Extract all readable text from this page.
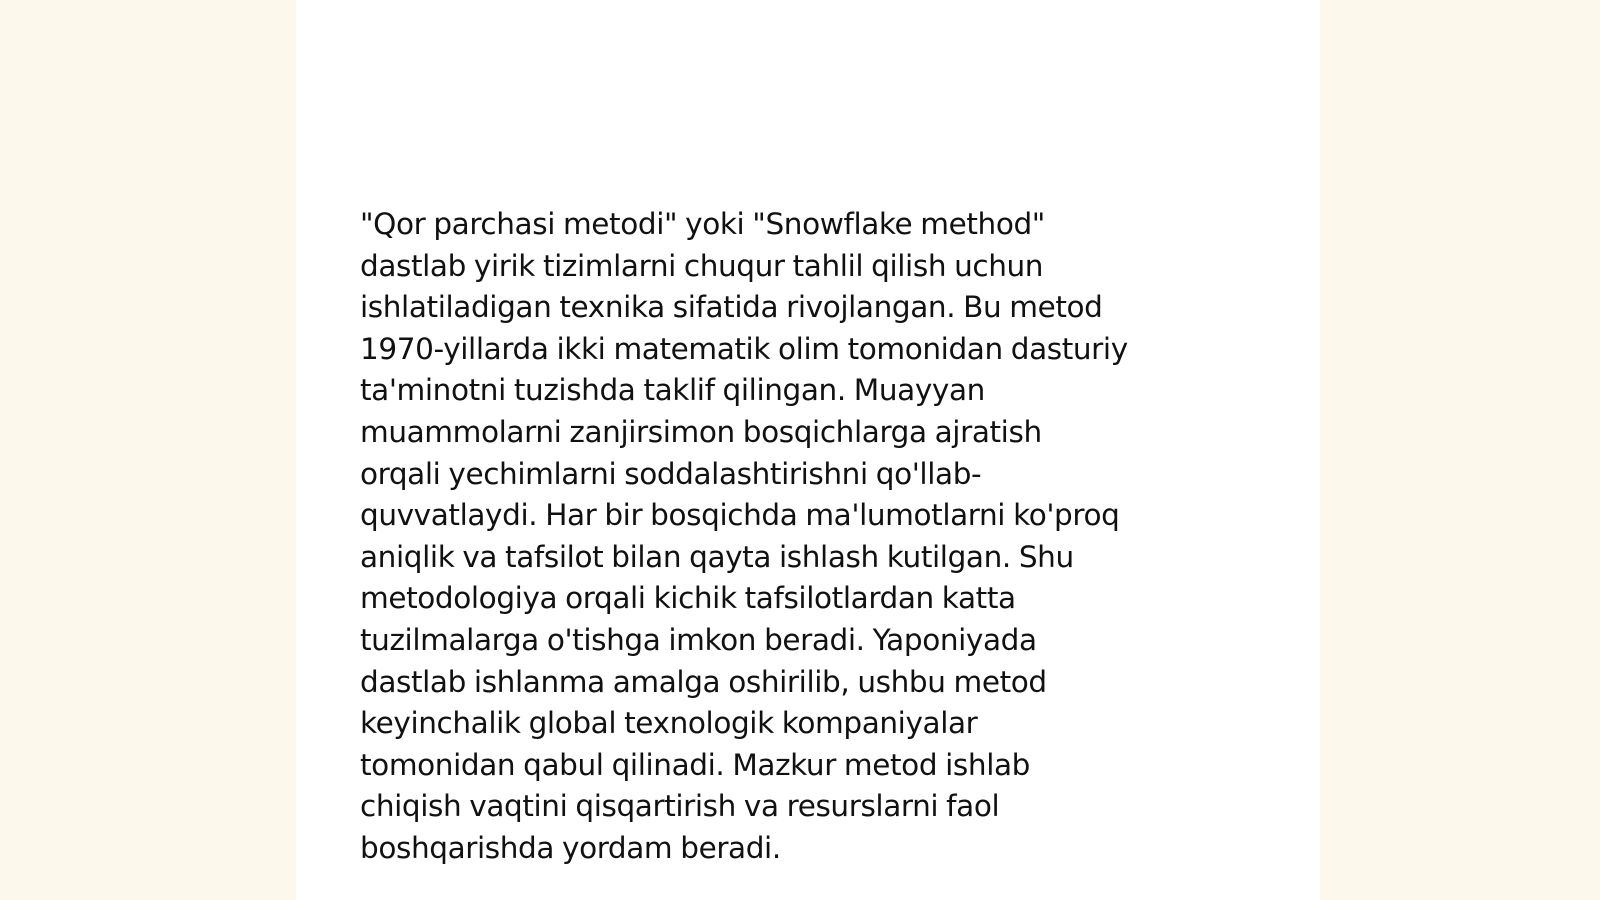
"Qor parchasi metodi" yoki "Snowflake method"
dastlab yirik tizimlarni chuqur tahlil qilish uchun
ishlatiladigan texnika sifatida rivojlangan. Bu metod
1970-yillarda ikki matematik olim tomonidan dasturiy
ta'minotni tuzishda taklif qilingan. Muayyan
muammolarni zanjirsimon bosqichlarga ajratish
orqali yechimlarni soddalashtirishni qo'llab-
quvvatlaydi. Har bir bosqichda ma'lumotlarni ko'proq
aniqlik va tafsilot bilan qayta ishlash kutilgan. Shu
metodologiya orqali kichik tafsilotlardan katta
tuzilmalarga o'tishga imkon beradi. Yaponiyada
dastlab ishlanma amalga oshirilib, ushbu metod
keyinchalik global texnologik kompaniyalar
tomonidan qabul qilinadi. Mazkur metod ishlab
chiqish vaqtini qisqartirish va resurslarni faol
boshqarishda yordam beradi.
